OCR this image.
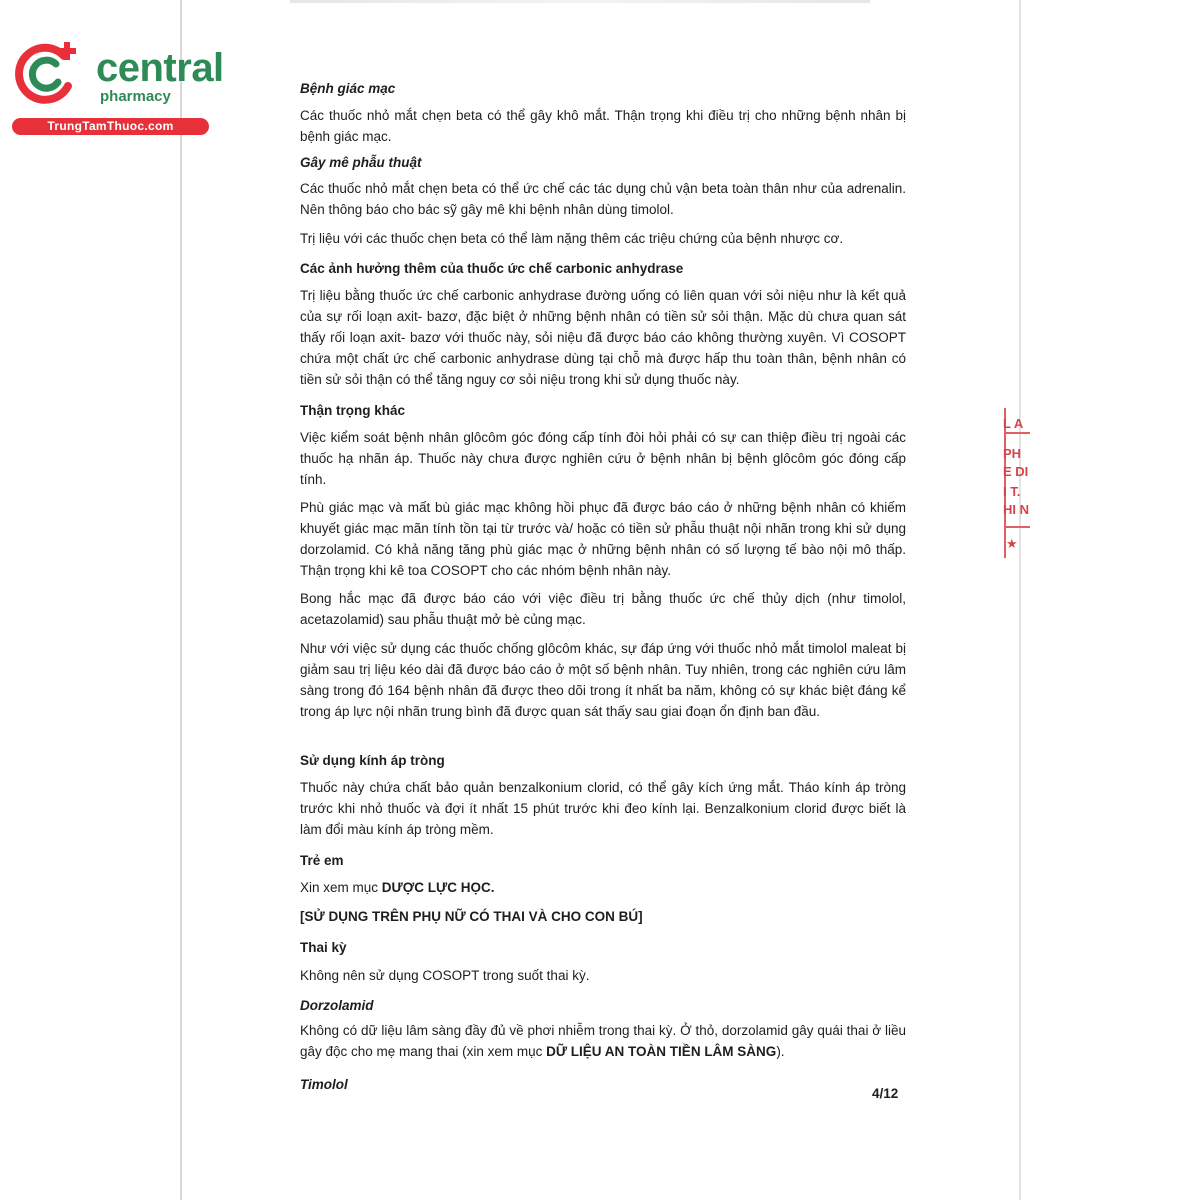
central
pharmacy
TrungTamThuoc.com
L A
PH
E DI
I T.
HI N
★
Bệnh giác mạc
Các thuốc nhỏ mắt chẹn beta có thể gây khô mắt. Thận trọng khi điều trị cho những bệnh nhân bị bệnh giác mạc.
Gây mê phẫu thuật
Các thuốc nhỏ mắt chẹn beta có thể ức chế các tác dụng chủ vận beta toàn thân như của adrenalin. Nên thông báo cho bác sỹ gây mê khi bệnh nhân dùng timolol.
Trị liệu với các thuốc chẹn beta có thể làm nặng thêm các triệu chứng của bệnh nhược cơ.
Các ảnh hưởng thêm của thuốc ức chế carbonic anhydrase
Trị liệu bằng thuốc ức chế carbonic anhydrase đường uống có liên quan với sỏi niệu như là kết quả của sự rối loạn axit- bazơ, đặc biệt ở những bệnh nhân có tiền sử sỏi thận. Mặc dù chưa quan sát thấy rối loạn axit- bazơ với thuốc này, sỏi niệu đã được báo cáo không thường xuyên. Vì COSOPT chứa một chất ức chế carbonic anhydrase dùng tại chỗ mà được hấp thu toàn thân, bệnh nhân có tiền sử sỏi thận có thể tăng nguy cơ sỏi niệu trong khi sử dụng thuốc này.
Thận trọng khác
Việc kiểm soát bệnh nhân glôcôm góc đóng cấp tính đòi hỏi phải có sự can thiệp điều trị ngoài các thuốc hạ nhãn áp. Thuốc này chưa được nghiên cứu ở bệnh nhân bị bệnh glôcôm góc đóng cấp tính.
Phù giác mạc và mất bù giác mạc không hồi phục đã được báo cáo ở những bệnh nhân có khiếm khuyết giác mạc mãn tính tồn tại từ trước và/ hoặc có tiền sử phẫu thuật nội nhãn trong khi sử dụng dorzolamid. Có khả năng tăng phù giác mạc ở những bệnh nhân có số lượng tế bào nội mô thấp. Thận trọng khi kê toa COSOPT cho các nhóm bệnh nhân này.
Bong hắc mạc đã được báo cáo với việc điều trị bằng thuốc ức chế thủy dịch (như timolol, acetazolamid) sau phẫu thuật mở bè củng mạc.
Như với việc sử dụng các thuốc chống glôcôm khác, sự đáp ứng với thuốc nhỏ mắt timolol maleat bị giảm sau trị liệu kéo dài đã được báo cáo ở một số bệnh nhân. Tuy nhiên, trong các nghiên cứu lâm sàng trong đó 164 bệnh nhân đã được theo dõi trong ít nhất ba năm, không có sự khác biệt đáng kể trong áp lực nội nhãn trung bình đã được quan sát thấy sau giai đoạn ổn định ban đầu.
Sử dụng kính áp tròng
Thuốc này chứa chất bảo quản benzalkonium clorid, có thể gây kích ứng mắt. Tháo kính áp tròng trước khi nhỏ thuốc và đợi ít nhất 15 phút trước khi đeo kính lại. Benzalkonium clorid được biết là làm đổi màu kính áp tròng mềm.
Trẻ em
Xin xem mục DƯỢC LỰC HỌC.
[SỬ DỤNG TRÊN PHỤ NỮ CÓ THAI VÀ CHO CON BÚ]
Thai kỳ
Không nên sử dụng COSOPT trong suốt thai kỳ.
Dorzolamid
Không có dữ liệu lâm sàng đầy đủ về phơi nhiễm trong thai kỳ. Ở thỏ, dorzolamid gây quái thai ở liều gây độc cho mẹ mang thai (xin xem mục DỮ LIỆU AN TOÀN TIỀN LÂM SÀNG).
Timolol
4/12
